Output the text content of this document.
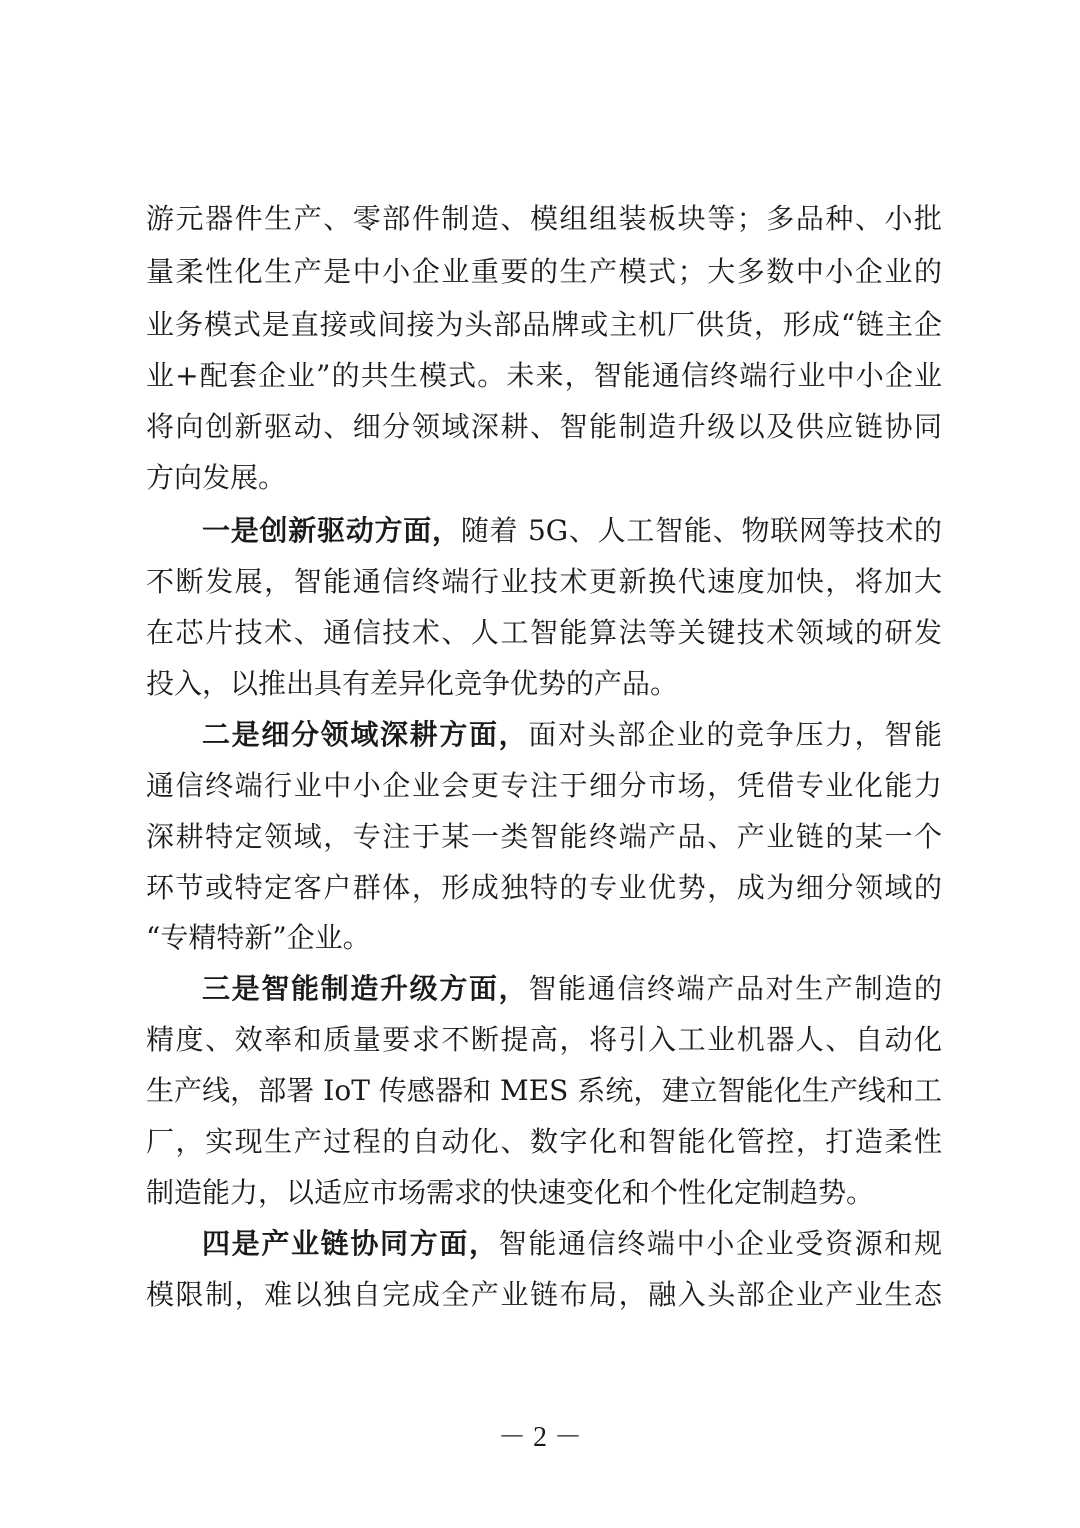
游元器件生产、零部件制造、模组组装板块等；多品种、小批
量柔性化生产是中小企业重要的生产模式；大多数中小企业的
业务模式是直接或间接为头部品牌或主机厂供货，形成“链主企
业+配套企业”的共生模式。未来，智能通信终端行业中小企业
将向创新驱动、细分领域深耕、智能制造升级以及供应链协同
方向发展。
一是创新驱动方面，随着 5G、人工智能、物联网等技术的
不断发展，智能通信终端行业技术更新换代速度加快，将加大
在芯片技术、通信技术、人工智能算法等关键技术领域的研发
投入，以推出具有差异化竞争优势的产品。
二是细分领域深耕方面，面对头部企业的竞争压力，智能
通信终端行业中小企业会更专注于细分市场，凭借专业化能力
深耕特定领域，专注于某一类智能终端产品、产业链的某一个
环节或特定客户群体，形成独特的专业优势，成为细分领域的
“专精特新”企业。
三是智能制造升级方面，智能通信终端产品对生产制造的
精度、效率和质量要求不断提高，将引入工业机器人、自动化
生产线，部署 IoT 传感器和 MES 系统，建立智能化生产线和工
厂，实现生产过程的自动化、数字化和智能化管控，打造柔性
制造能力，以适应市场需求的快速变化和个性化定制趋势。
四是产业链协同方面，智能通信终端中小企业受资源和规
模限制，难以独自完成全产业链布局，融入头部企业产业生态
－ 2 －
